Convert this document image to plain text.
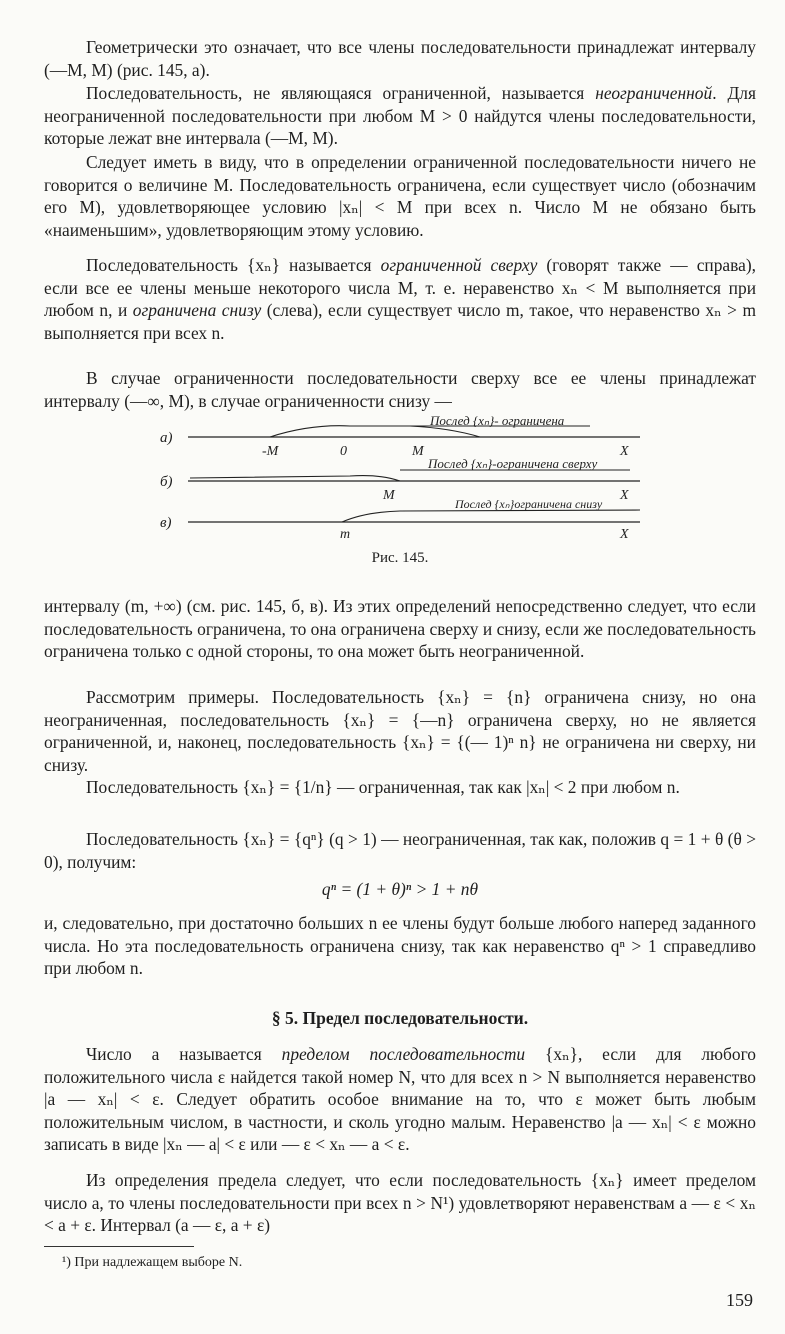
Геометрически это означает, что все члены последовательности принадлежат интервалу (—M, M) (рис. 145, а).

Последовательность, не являющаяся ограниченной, называется неограниченной. Для неограниченной последовательности при любом M > 0 найдутся члены последовательности, которые лежат вне интервала (—M, M).

Следует иметь в виду, что в определении ограниченной последовательности ничего не говорится о величине M. Последовательность ограничена, если существует число (обозначим его M), удовлетворяющее условию |xₙ| < M при всех n. Число M не обязано быть «наименьшим», удовлетворяющим этому условию.

Последовательность {xₙ} называется ограниченной сверху (говорят также — справа), если все ее члены меньше некоторого числа M, т. е. неравенство xₙ < M выполняется при любом n, и ограничена снизу (слева), если существует число m, такое, что неравенство xₙ > m выполняется при всех n.

В случае ограниченности последовательности сверху все ее члены принадлежат интервалу (—∞, M), в случае ограниченности снизу —

а)
Послед {xₙ}- ограничена
-M	0	M	X
б)
Послед {xₙ}-ограничена сверху
M	X
в)
Послед {xₙ}ограничена снизу
m	X
Рис. 145.

интервалу (m, +∞) (см. рис. 145, б, в). Из этих определений непосредственно следует, что если последовательность ограничена, то она ограничена сверху и снизу, если же последовательность ограничена только с одной стороны, то она может быть неограниченной.

Рассмотрим примеры. Последовательность {xₙ} = {n} ограничена снизу, но она неограниченная, последовательность {xₙ} = {—n} ограничена сверху, но не является ограниченной, и, наконец, последовательность {xₙ} = {(— 1)ⁿ n} не ограничена ни сверху, ни снизу.

Последовательность {xₙ} = {1/n} — ограниченная, так как |xₙ| < 2 при любом n.

Последовательность {xₙ} = {qⁿ} (q > 1) — неограниченная, так как, положив q = 1 + θ (θ > 0), получим:

qⁿ = (1 + θ)ⁿ > 1 + nθ

и, следовательно, при достаточно больших n ее члены будут больше любого наперед заданного числа. Но эта последовательность ограничена снизу, так как неравенство qⁿ > 1 справедливо при любом n.

§ 5. Предел последовательности.

Число a называется пределом последовательности {xₙ}, если для любого положительного числа ε найдется такой номер N, что для всех n > N выполняется неравенство |a — xₙ| < ε. Следует обратить особое внимание на то, что ε может быть любым положительным числом, в частности, и сколь угодно малым. Неравенство |a — xₙ| < ε можно записать в виде |xₙ — a| < ε или — ε < xₙ — a < ε.

Из определения предела следует, что если последовательность {xₙ} имеет пределом число a, то члены последовательности при всех n > N¹) удовлетворяют неравенствам a — ε < xₙ < a + ε. Интервал (a — ε, a + ε)

¹) При надлежащем выборе N.
159
